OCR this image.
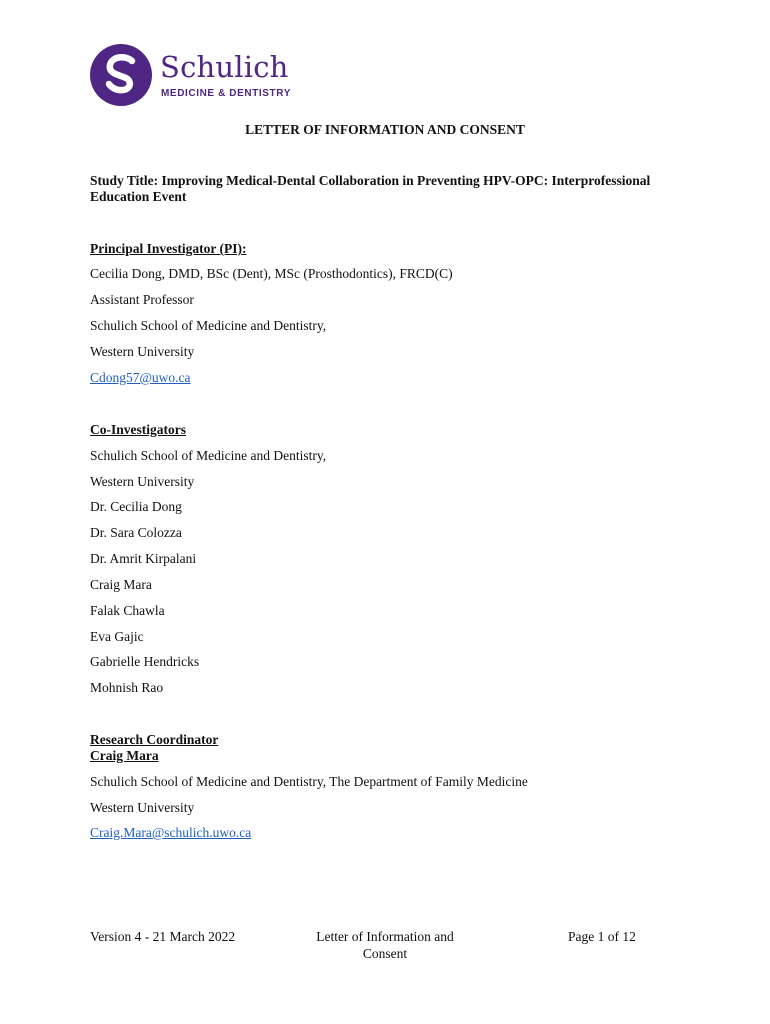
Schulich
MEDICINE & DENTISTRY
LETTER OF INFORMATION AND CONSENT
Study Title: Improving Medical-Dental Collaboration in Preventing HPV-OPC: Interprofessional Education Event
Principal Investigator (PI):
Cecilia Dong, DMD, BSc (Dent), MSc (Prosthodontics), FRCD(C)
Assistant Professor
Schulich School of Medicine and Dentistry,
Western University
Cdong57@uwo.ca
Co-Investigators
Schulich School of Medicine and Dentistry,
Western University
Dr. Cecilia Dong
Dr. Sara Colozza
Dr. Amrit Kirpalani
Craig Mara
Falak Chawla
Eva Gajic
Gabrielle Hendricks
Mohnish Rao
Research Coordinator
Craig Mara
Schulich School of Medicine and Dentistry, The Department of Family Medicine
Western University
Craig.Mara@schulich.uwo.ca
Version 4 - 21 March 2022	Letter of Information and Consent
Page 1 of 12
